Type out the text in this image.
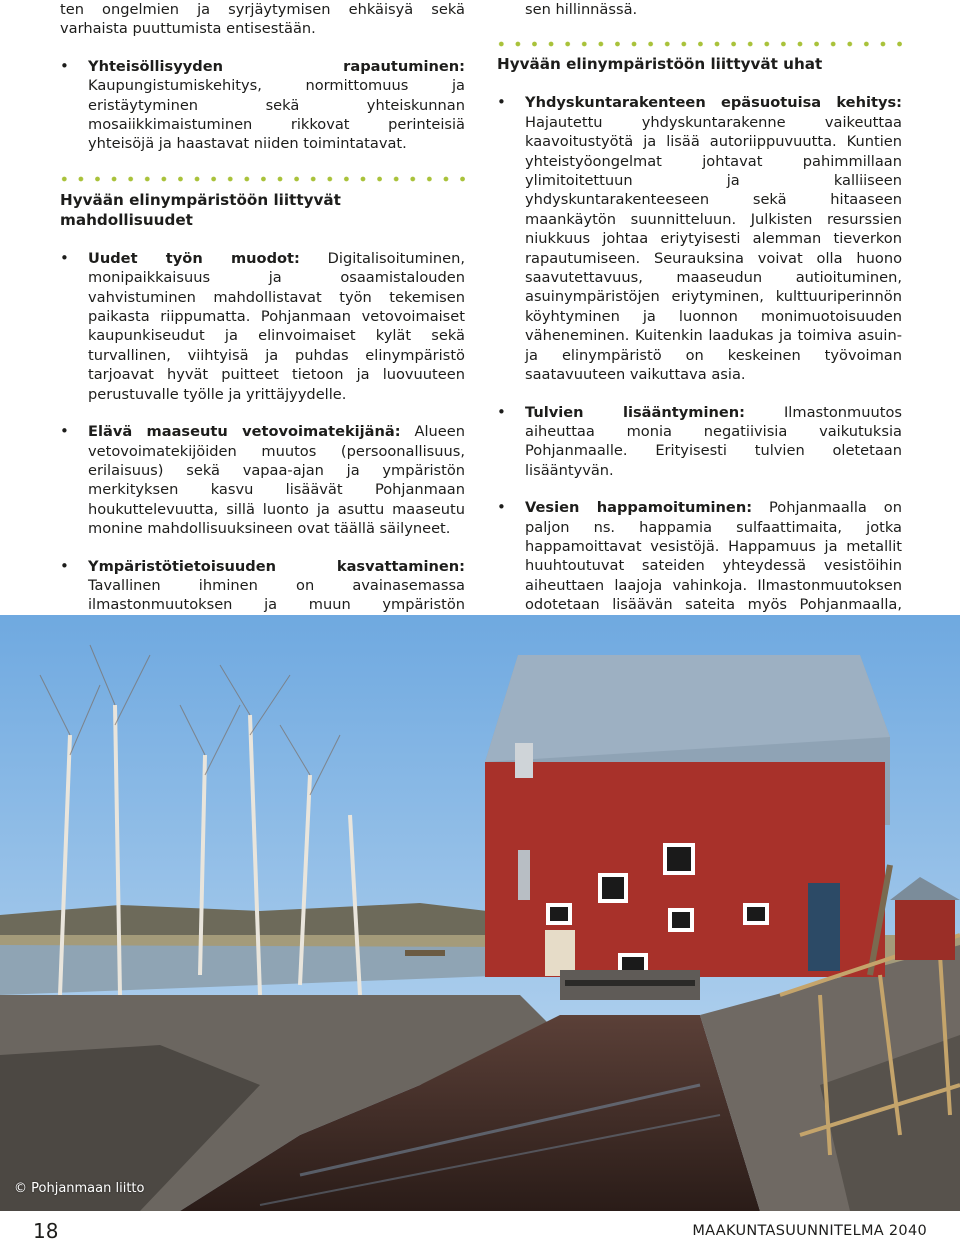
ten ongelmien ja syrjäytymisen ehkäisyä sekä varhaista puuttumista entisestään.

• Yhteisöllisyyden rapautuminen: Kaupungistumiskehitys, normittomuus ja eristäytyminen sekä yhteiskunnan mosaiikkimaistuminen rikkovat perinteisiä yhteisöjä ja haastavat niiden toimintatavat.
Hyvään elinympäristöön liittyvät mahdollisuudet
• Uudet työn muodot: Digitalisoituminen, monipaikkaisuus ja osaamistalouden vahvistuminen mahdollistavat työn tekemisen paikasta riippumatta. Pohjanmaan vetovoimaiset kaupunkiseudut ja elinvoimaiset kylät sekä turvallinen, viihtyisä ja puhdas elinympäristö tarjoavat hyvät puitteet tietoon ja luovuuteen perustuvalle työlle ja yrittäjyydelle.
• Elävä maaseutu vetovoimatekijänä: Alueen vetovoimatekijöiden muutos (persoonallisuus, erilaisuus) sekä vapaa-ajan ja ympäristön merkityksen kasvu lisäävät Pohjanmaan houkuttelevuutta, sillä luonto ja asuttu maaseutu monine mahdollisuuksineen ovat täällä säilyneet.
• Ympäristötietoisuuden kasvattaminen: Tavallinen ihminen on avainasemassa ilmastonmuutoksen ja muun ympäristön

sen hillinnässä.

Hyvään elinympäristöön liittyvät uhat
• Yhdyskuntarakenteen epäsuotuisa kehitys: Hajautettu yhdyskuntarakenne vaikeuttaa kaavoitustyötä ja lisää autoriippuvuutta. Kuntien yhteistyöongelmat johtavat pahimmillaan ylimitoitettuun ja kalliiseen yhdyskuntarakenteeseen sekä hitaaseen maankäytön suunnitteluun. Julkisten resurssien niukkuus johtaa eriytyisesti alemman tieverkon rapautumiseen. Seurauksina voivat olla huono saavutettavuus, maaseudun autioituminen, asuinympäristöjen eriytyminen, kulttuuriperinnön köyhtyminen ja luonnon monimuotoisuuden väheneminen. Kuitenkin laadukas ja toimiva asuin- ja elinympäristö on keskeinen työvoiman saatavuuteen vaikuttava asia.
• Tulvien lisääntyminen: Ilmastonmuutos aiheuttaa monia negatiivisia vaikutuksia Pohjanmaalle. Erityisesti tulvien oletetaan lisääntyvän.
• Vesien happamoituminen: Pohjanmaalla on paljon ns. happamia sulfaattimaita, jotka happamoittavat vesistöjä. Happamuus ja metallit huuhtoutuvat sateiden yhteydessä vesistöihin aiheuttaen laajoja vahinkoja. Ilmastonmuutoksen odotetaan lisäävän sateita myös Pohjanmaalla,
© Pohjanmaan liitto
18	MAAKUNTASUUNNITELMA 2040
